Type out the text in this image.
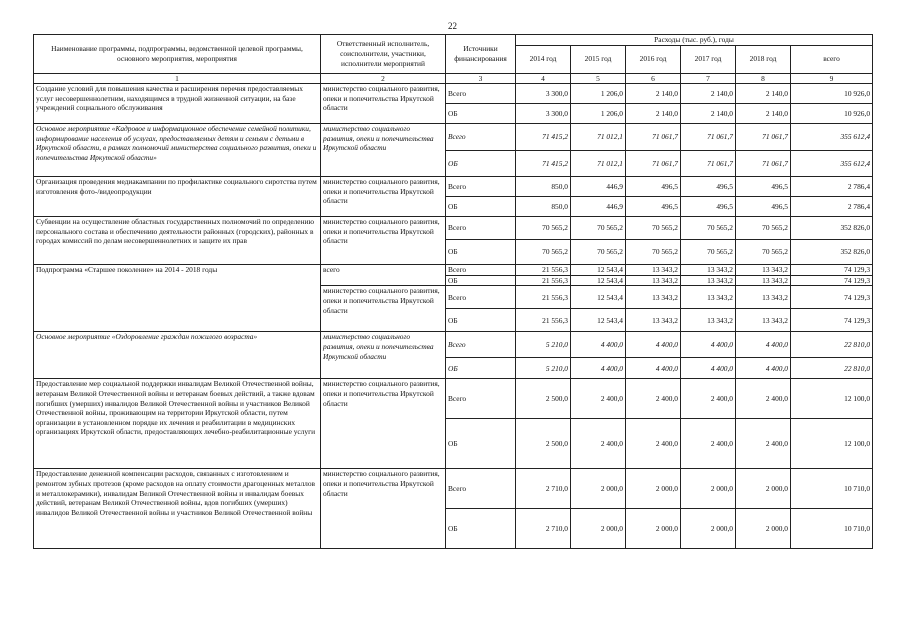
22
Наименование программы, подпрограммы, ведомственной целевой программы, основного мероприятия, мероприятия	Ответственный исполнитель, соисполнители, участники, исполнители мероприятий	Источники финансирования	Расходы (тыс. руб.), годы					
			2014 год	2015 год	2016 год	2017 год	2018 год	всего
1	2	3	4	5	6	7	8	9
Создание условий для повышения качества и расширения перечня предоставляемых услуг несовершеннолетним, находящимся в трудной жизненной ситуации, на базе учреждений социального обслуживания	министерство социального развития, опеки и попечительства Иркутской области	Всего	3 300,0	1 206,0	2 140,0	2 140,0	2 140,0	10 926,0
		ОБ	3 300,0	1 206,0	2 140,0	2 140,0	2 140,0	10 926,0
Основное мероприятие «Кадровое и информационное обеспечение семейной политики, информирование населения об услугах, предоставляемых детям и семьям с детьми в Иркутской области, в рамках полномочий министерства социального развития, опеки и попечительства Иркутской области»	министерство социального развития, опеки и попечительства Иркутской области	Всего	71 415,2	71 012,1	71 061,7	71 061,7	71 061,7	355 612,4
		ОБ	71 415,2	71 012,1	71 061,7	71 061,7	71 061,7	355 612,4
Организация проведения медиакампании по профилактике социального сиротства путем изготовления фото-/видеопродукции	министерство социального развития, опеки и попечительства Иркутской области	Всего	850,0	446,9	496,5	496,5	496,5	2 786,4
		ОБ	850,0	446,9	496,5	496,5	496,5	2 786,4
Субвенции на осуществление областных государственных полномочий по определению персонального состава и обеспечению деятельности районных (городских), районных в городах комиссий по делам несовершеннолетних и защите их прав	министерство социального развития, опеки и попечительства Иркутской области	Всего	70 565,2	70 565,2	70 565,2	70 565,2	70 565,2	352 826,0
		ОБ	70 565,2	70 565,2	70 565,2	70 565,2	70 565,2	352 826,0
Подпрограмма «Старшее поколение» на 2014 - 2018 годы	всего	Всего	21 556,3	12 543,4	13 343,2	13 343,2	13 343,2	74 129,3
		ОБ	21 556,3	12 543,4	13 343,2	13 343,2	13 343,2	74 129,3
	министерство социального развития, опеки и попечительства Иркутской области	Всего	21 556,3	12 543,4	13 343,2	13 343,2	13 343,2	74 129,3
		ОБ	21 556,3	12 543,4	13 343,2	13 343,2	13 343,2	74 129,3
Основное мероприятие «Оздоровление граждан пожилого возраста»	министерство социального развития, опеки и попечительства Иркутской области	Всего	5 210,0	4 400,0	4 400,0	4 400,0	4 400,0	22 810,0
		ОБ	5 210,0	4 400,0	4 400,0	4 400,0	4 400,0	22 810,0
Предоставление мер социальной поддержки инвалидам Великой Отечественной войны, ветеранам Великой Отечественной войны и ветеранам боевых действий, а также вдовам погибших (умерших) инвалидов Великой Отечественной войны и участников Великой Отечественной войны, проживающим на территории Иркутской области, путем организации в установленном порядке их лечения и реабилитации в медицинских организациях Иркутской области, предоставляющих лечебно-реабилитационные услуги	министерство социального развития, опеки и попечительства Иркутской области	Всего	2 500,0	2 400,0	2 400,0	2 400,0	2 400,0	12 100,0
		ОБ	2 500,0	2 400,0	2 400,0	2 400,0	2 400,0	12 100,0
Предоставление денежной компенсации расходов, связанных с изготовлением и ремонтом зубных протезов (кроме расходов на оплату стоимости драгоценных металлов и металлокерамики), инвалидам Великой Отечественной войны и инвалидам боевых действий, ветеранам Великой Отечественной войны, вдов погибших (умерших) инвалидов Великой Отечественной войны и участников Великой Отечественной войны	министерство социального развития, опеки и попечительства Иркутской области	Всего	2 710,0	2 000,0	2 000,0	2 000,0	2 000,0	10 710,0
		ОБ	2 710,0	2 000,0	2 000,0	2 000,0	2 000,0	10 710,0
